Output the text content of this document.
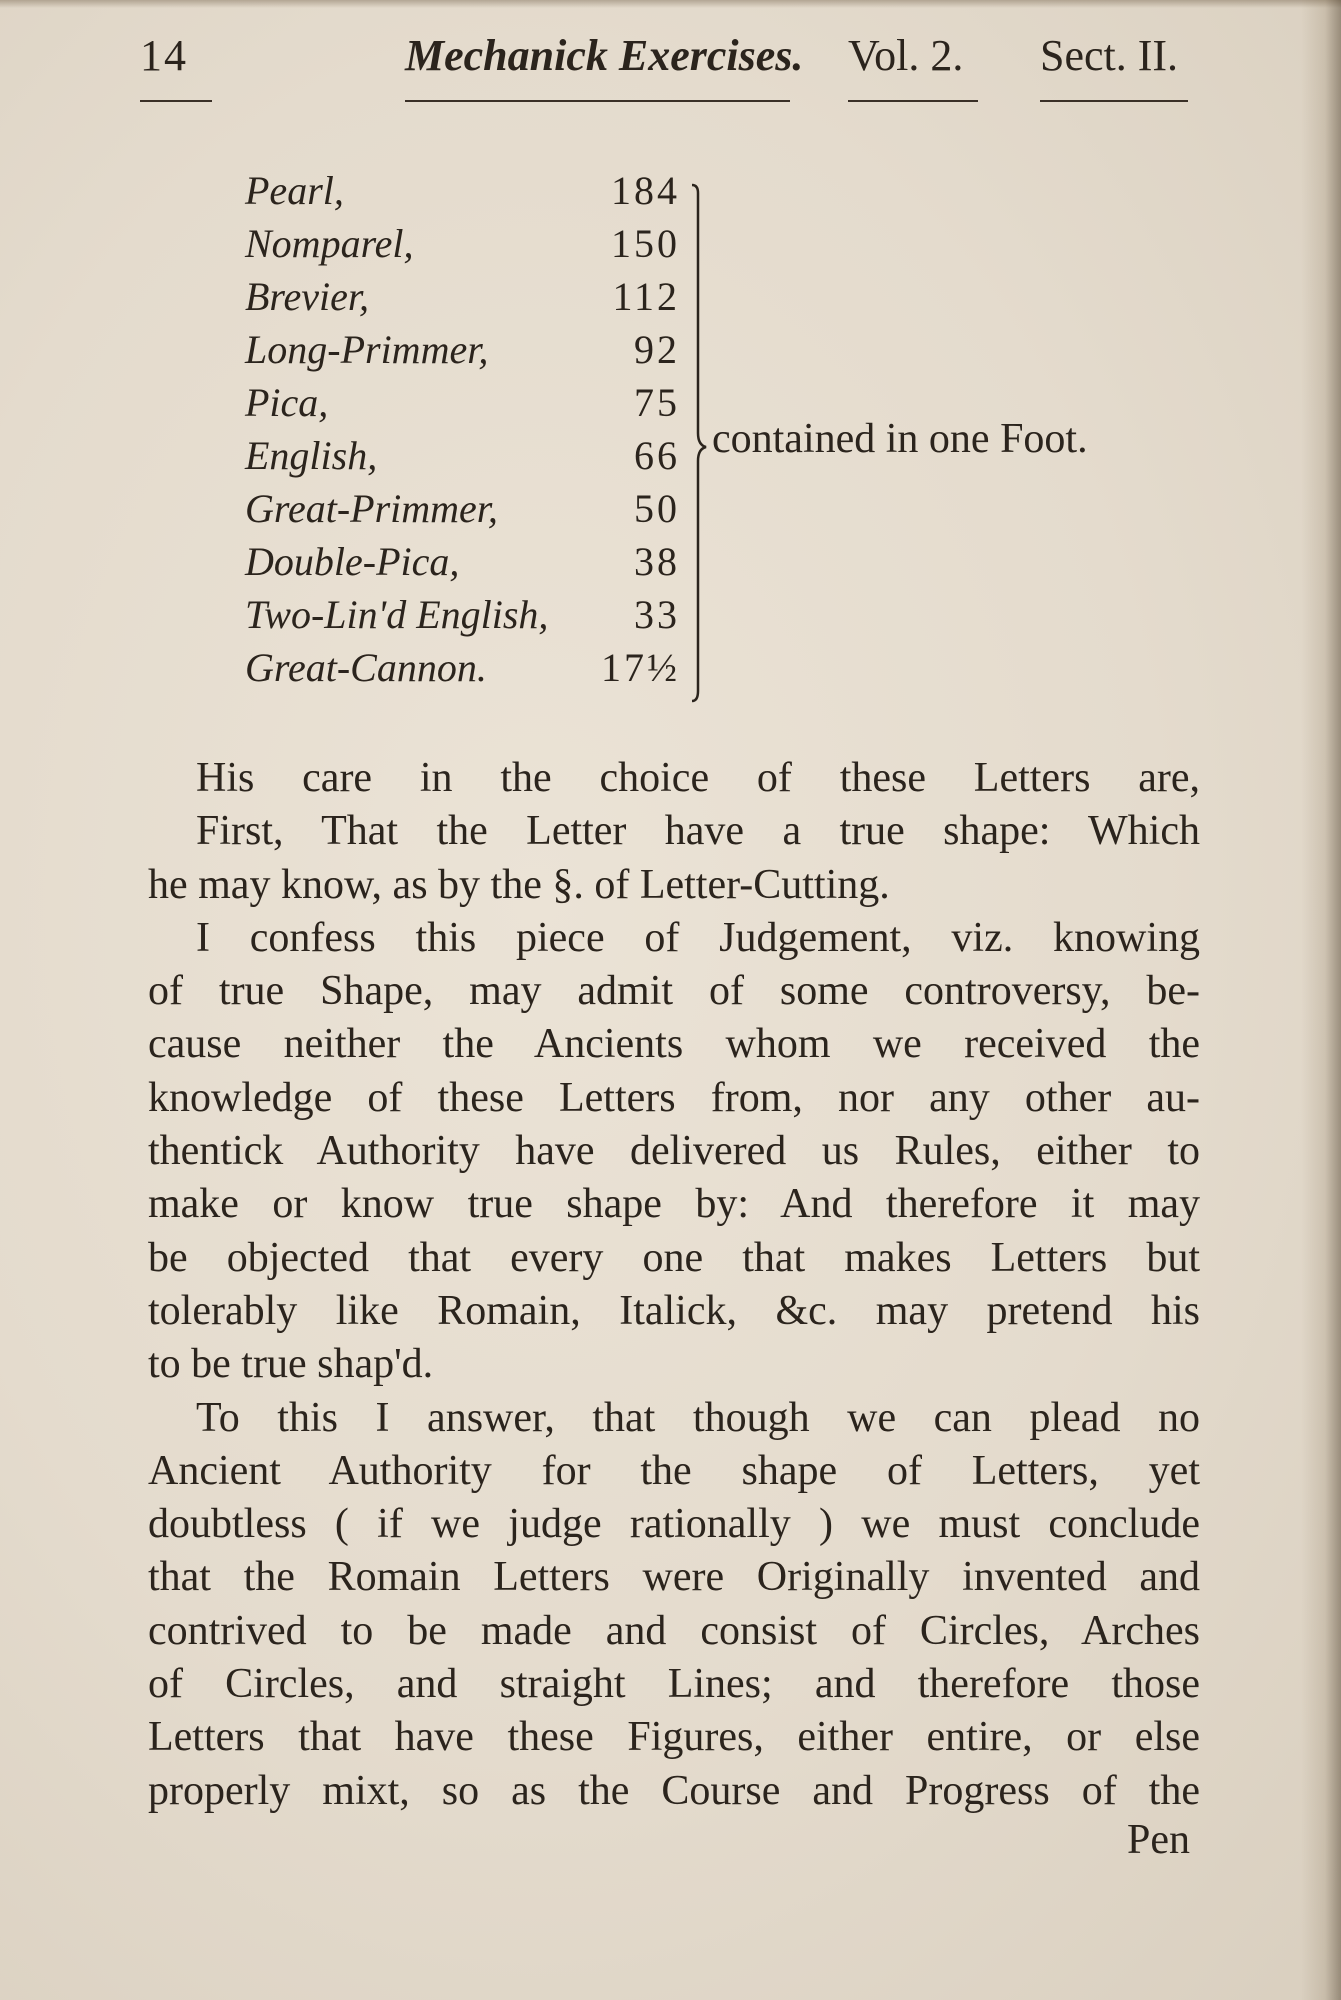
14	Mechanick Exercises. Vol. 2. Sect. II.
Pearl,	184
Nomparel,	150
Brevier,	112
Long-Primmer,	92
Pica,	75
English,	66
Great-Primmer,	50
Double-Pica,	38
Two-Lin'd English,	33
Great-Cannon.	17½
contained in one Foot.
His care in the choice of these Letters are,
First, That the Letter have a true shape: Which
he may know, as by the §. of Letter-Cutting.
I confess this piece of Judgement, viz. knowing
of true Shape, may admit of some controversy, be-
cause neither the Ancients whom we received the
knowledge of these Letters from, nor any other au-
thentick Authority have delivered us Rules, either to
make or know true shape by: And therefore it may
be objected that every one that makes Letters but
tolerably like Romain, Italick, &c. may pretend his
to be true shap'd.
To this I answer, that though we can plead no
Ancient Authority for the shape of Letters, yet
doubtless ( if we judge rationally ) we must conclude
that the Romain Letters were Originally invented and
contrived to be made and consist of Circles, Arches
of Circles, and straight Lines; and therefore those
Letters that have these Figures, either entire, or else
properly mixt, so as the Course and Progress of the
Pen
